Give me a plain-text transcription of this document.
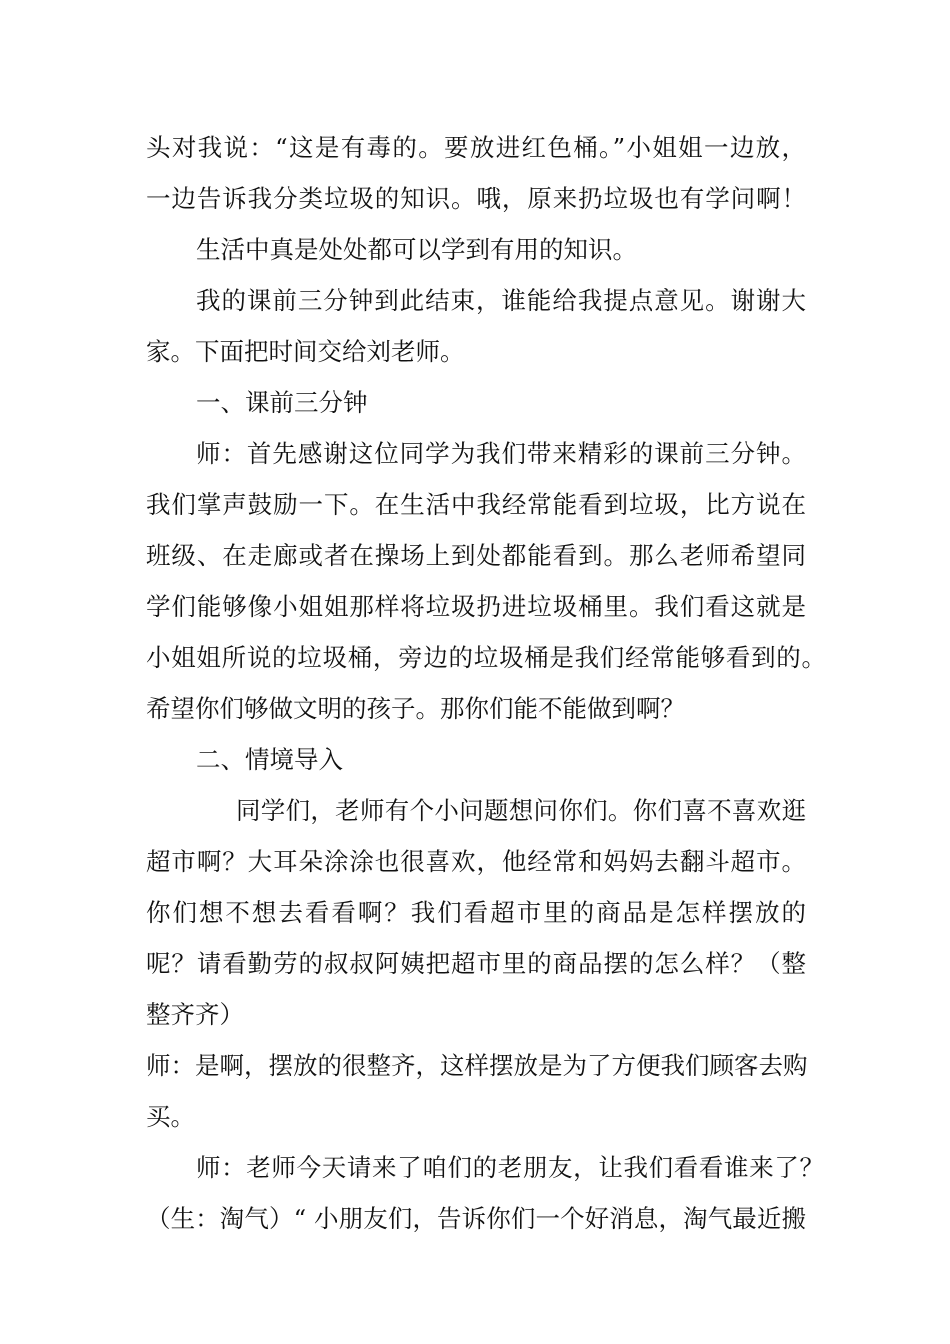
头对我说：“这是有毒的。要放进红色桶。”小姐姐一边放，

一边告诉我分类垃圾的知识。哦，原来扔垃圾也有学问啊！

生活中真是处处都可以学到有用的知识。

我的课前三分钟到此结束，谁能给我提点意见。谢谢大

家。下面把时间交给刘老师。

一、课前三分钟

师：首先感谢这位同学为我们带来精彩的课前三分钟。

我们掌声鼓励一下。在生活中我经常能看到垃圾，比方说在

班级、在走廊或者在操场上到处都能看到。那么老师希望同

学们能够像小姐姐那样将垃圾扔进垃圾桶里。我们看这就是

小姐姐所说的垃圾桶，旁边的垃圾桶是我们经常能够看到的。

希望你们够做文明的孩子。那你们能不能做到啊？

二、情境导入

同学们，老师有个小问题想问你们。你们喜不喜欢逛

超市啊？大耳朵涂涂也很喜欢，他经常和妈妈去翻斗超市。

你们想不想去看看啊？我们看超市里的商品是怎样摆放的

呢？请看勤劳的叔叔阿姨把超市里的商品摆的怎么样？（整

整齐齐）

师：是啊，摆放的很整齐，这样摆放是为了方便我们顾客去购

买。

师：老师今天请来了咱们的老朋友，让我们看看谁来了？

（生：淘气）“ 小朋友们，告诉你们一个好消息，淘气最近搬
